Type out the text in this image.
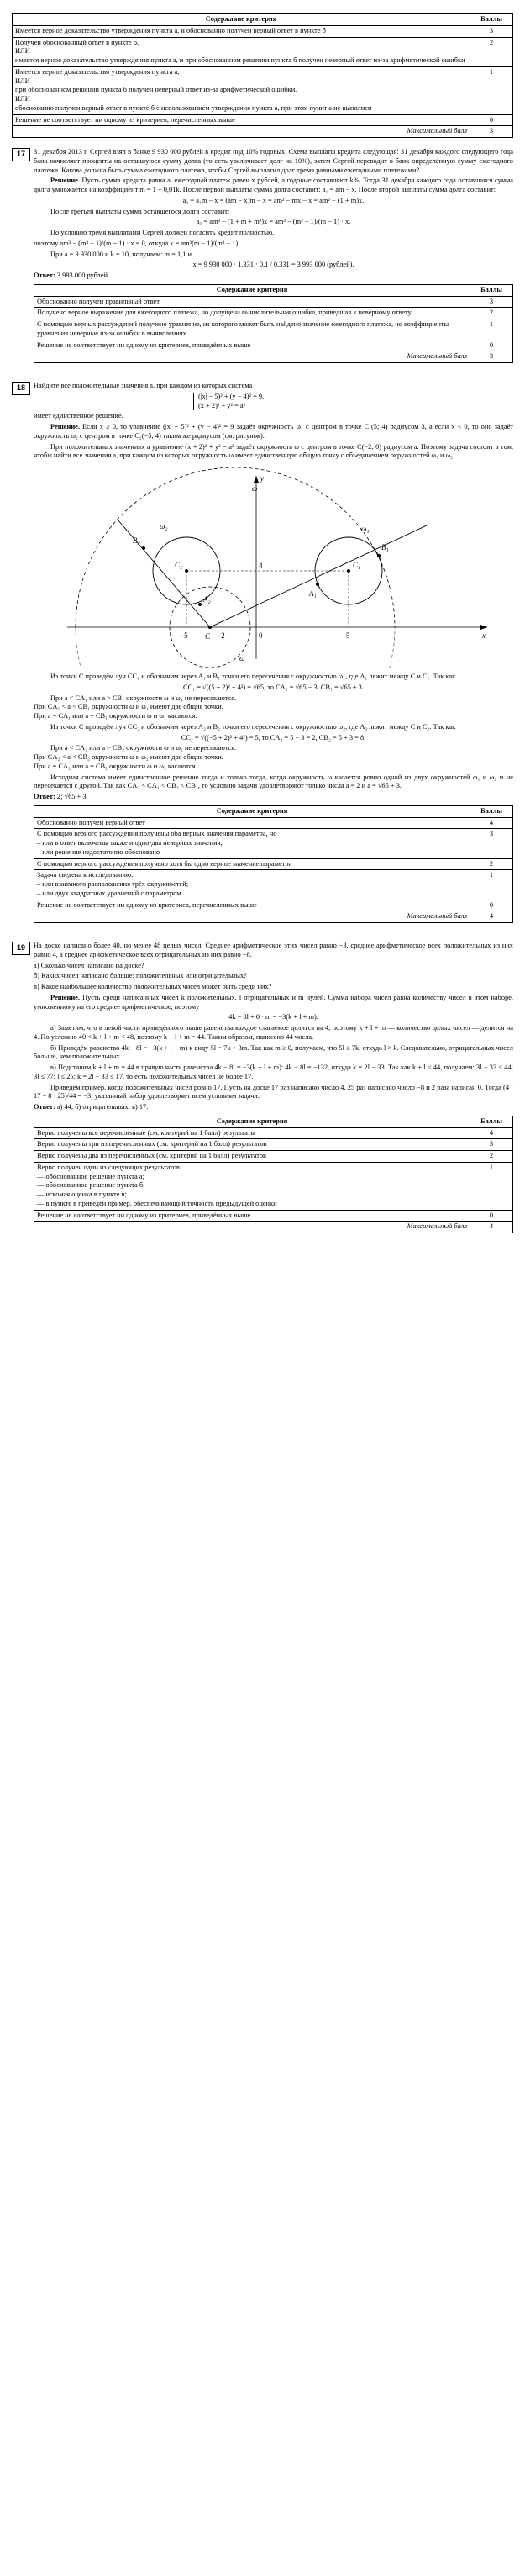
Содержание критерия	Баллы
Имеется верное доказательство утверждения пункта а, и обоснованно получен верный ответ в пункте б	3
Получен обоснованный ответ в пункте б,
ИЛИ
имеется верное доказательство утверждения пункта а, и при обоснованном решении пункта б получен неверный ответ из-за арифметической ошибки	2
Имеется верное доказательство утверждения пункта а,
ИЛИ
при обоснованном решении пункта б получен неверный ответ из-за арифметической ошибки,
ИЛИ
обоснованно получен верный ответ в пункте б с использованием утверждения пункта а, при этом пункт а не выполнен	1
Решение не соответствует ни одному из критериев, перечисленных выше	0
Максимальный балл	3
17	31 декабря 2013 г. Сергей взял в банке 9 930 000 рублей в кредит под 10% годовых. Схема выплаты кредита следующая: 31 декабря каждого следующего года банк начисляет проценты на оставшуюся сумму долга (то есть увеличивает долг на 10%), затем Сергей переводит в банк определённую сумму ежегодного платежа. Какова должна быть сумма ежегодного платежа, чтобы Сергей выплатил долг тремя равными ежегодными платежами?

Решение. Пусть сумма кредита равна a, ежегодный платеж равен x рублей, а годовые составляют k%. Тогда 31 декабря каждого года оставшаяся сумма долга умножается на коэффициент m = 1 + 0,01k. После первой выплаты сумма долга составит: a₁ = am − x. После второй выплаты сумма долга составит:

a₂ = a₁m − x = (am − x)m − x = am² − mx − x = am² − (1 + m)x.

После третьей выплаты сумма оставшегося долга составит:

a₃ = am³ − (1 + m + m²)x = am³ − (m³ − 1)/(m − 1) · x.

По условию тремя выплатами Сергей должен погасить кредит полностью,

поэтому am³ − (m³ − 1)/(m − 1) · x = 0, откуда x = am³(m − 1)/(m³ − 1).

При a = 9 930 000 и k = 10, получаем: m = 1,1 и

x = 9 930 000 · 1,331 · 0,1 / 0,331 = 3 993 000 (рублей).

Ответ: 3 993 000 рублей.

Содержание критерия	Баллы
Обоснованно получен правильный ответ	3
Получено верное выражение для ежегодного платежа, но допущена вычислительная ошибка, приведшая к неверному ответу	2
С помощью верных рассуждений получено уравнение, из которого может быть найдено значение ежегодного платежа, но коэффициенты уравнения неверные из-за ошибки в вычислениях	1
Решение не соответствует ни одному из критериев, приведённых выше	0
Максимальный балл	3
18	Найдите все положительные значения a, при каждом из которых система

(|x| − 5)² + (y − 4)² = 9,
(x + 2)² + y² = a²

имеет единственное решение.

Решение. Если x ≥ 0, то уравнение (|x| − 5)² + (y − 4)² = 9 задаёт окружность ω₁ с центром в точке C₁(5; 4) радиусом 3, а если x < 0, то оно задаёт окружность ω₂ с центром в точке C₂(−5; 4) таким же радиусом (см. рисунок).

При положительных значениях a уравнение (x + 2)² + y² = a² задаёт окружность ω с центром в точке C(−2; 0) радиусом a. Поэтому задача состоит в том, чтобы найти все значения a, при каждом из которых окружность ω имеет единственную общую точку с объединением окружностей ω₁ и ω₂.

ω
ω
ω₁
ω₂
B₁
B₂
A₁
A₂
C₁
C₂
C
y
x
4
−5	−2	0	5

Из точки C проведём луч CC₁ и обозначим через A₁ и B₁ точки его пересечения с окружностью ω₁, где A₁ лежит между C и C₁. Так как

CC₁ = √((5 + 2)² + 4²) = √65, то CA₁ = √65 − 3, CB₁ = √65 + 3.

При a < CA₁ или a > CB₁ окружности ω и ω₁ не пересекаются.
При CA₁ < a < CB₁ окружности ω и ω₁ имеют две общие точки.
При a = CA₁ или a = CB₁ окружности ω и ω₁ касаются.

Из точки C проведём луч CC₂ и обозначим через A₂ и B₂ точки его пересечения с окружностью ω₂, где A₂ лежит между C и C₂. Так как

CC₂ = √((−5 + 2)² + 4²) = 5, то CA₂ = 5 − 3 = 2, CB₂ = 5 + 3 = 8.

При a < CA₂ или a > CB₂ окружности ω и ω₂ не пересекаются.
При CA₂ < a < CB₂ окружности ω и ω₂ имеют две общие точки.
При a = CA₂ или a = CB₂ окружности ω и ω₂ касаются.

Исходная система имеет единственное решение тогда и только тогда, когда окружность ω касается ровно одной из двух окружностей ω₁ и ω₂ и не пересекается с другой. Так как CA₂ < CA₁ < CB₂ < CB₁, то условию задачи удовлетворяют только числа a = 2 и a = √65 + 3.

Ответ: 2; √65 + 3.

Содержание критерия	Баллы
Обоснованно получен верный ответ	4
С помощью верного рассуждения получены оба верных значения параметра, но
– или в ответ включены также и одно-два неверных значения;
– или решение недостаточно обосновано	3
С помощью верного рассуждения получено хотя бы одно верное значение параметра	2
Задача сведена к исследованию:
– или взаимного расположения трёх окружностей;
– или двух квадратных уравнений с параметром	1
Решение не соответствует ни одному из критериев, перечисленных выше	0
Максимальный балл	4
19	На доске написано более 40, но менее 48 целых чисел. Среднее арифметическое этих чисел равно −3, среднее арифметическое всех положительных из них равно 4, а среднее арифметическое всех отрицательных из них равно −8.

а) Сколько чисел написано на доске?

б) Каких чисел написано больше: положительных или отрицательных?

в) Какое наибольшее количество положительных чисел может быть среди них?

Решение. Пусть среди написанных чисел k положительных, l отрицательных и m нулей. Сумма набора чисел равна количеству чисел в этом наборе, умноженному на его среднее арифметическое, поэтому

4k − 8l + 0 · m = −3(k + l + m).

а) Заметим, что в левой части приведённого выше равенства каждое слагаемое делится на 4, поэтому k + l + m — количество целых чисел — делится на 4. По условию 40 < k + l + m < 48, поэтому k + l + m = 44. Таким образом, написано 44 числа.

б) Приведём равенство 4k − 8l = −3(k + l + m) к виду 5l = 7k + 3m. Так как m ≥ 0, получаем, что 5l ≥ 7k, откуда l > k. Следовательно, отрицательных чисел больше, чем положительных.

в) Подставим k + l + m = 44 в правую часть равенства 4k − 8l = −3(k + l + m): 4k − 8l = −132, откуда k = 2l − 33. Так как k + l ≤ 44, получаем: 3l − 33 ≤ 44; 3l ≤ 77; l ≤ 25; k = 2l − 33 ≤ 17, то есть положительных чисел не более 17.

Приведём пример, когда положительных чисел ровно 17. Пусть на доске 17 раз написано число 4, 25 раз написано число −8 и 2 раза написан 0. Тогда (4 · 17 − 8 · 25)/44 = −3; указанный набор удовлетворяет всем условиям задачи.

Ответ: а) 44; б) отрицательных; в) 17.

Содержание критерия	Баллы
Верно получены все перечисленные (см. критерий на 1 балл) результаты	4
Верно получены три из перечисленных (см. критерий на 1 балл) результатов	3
Верно получены два из перечисленных (см. критерий на 1 балл) результатов	2
Верно получен один из следующих результатов:
— обоснованное решение пункта а;
— обоснованное решение пункта б;
— искомая оценка в пункте в;
— в пункте в приведён пример, обеспечивающий точность предыдущей оценки	1
Решение не соответствует ни одному из критериев, приведённых выше	0
Максимальный балл	4
